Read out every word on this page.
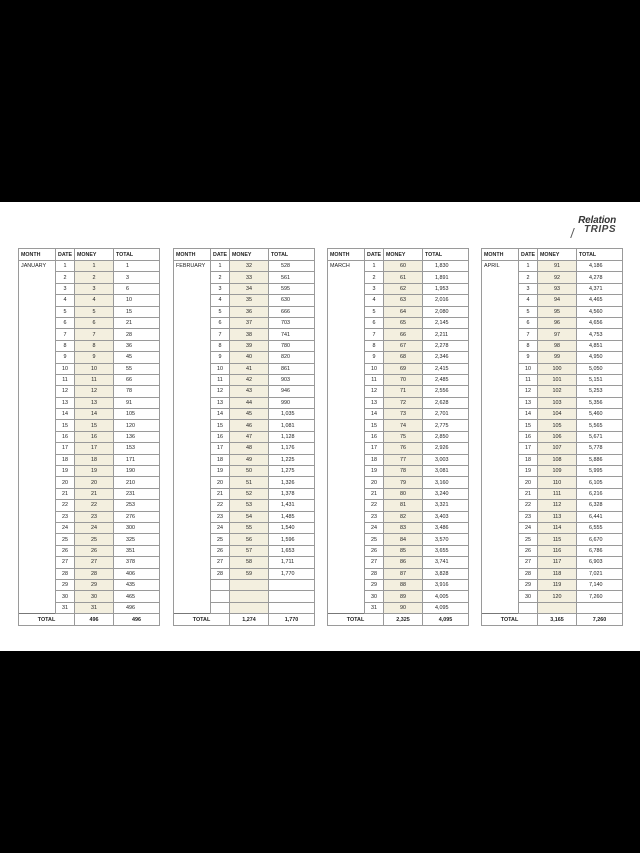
Relation
TRIPS
MONTH	DATE	MONEY	TOTAL
JANUARY	1	1	1
	2	2	3
	3	3	6
	4	4	10
	5	5	15
	6	6	21
	7	7	28
	8	8	36
	9	9	45
	10	10	55
	11	11	66
	12	12	78
	13	13	91
	14	14	105
	15	15	120
	16	16	136
	17	17	153
	18	18	171
	19	19	190
	20	20	210
	21	21	231
	22	22	253
	23	23	276
	24	24	300
	25	25	325
	26	26	351
	27	27	378
	28	28	406
	29	29	435
	30	30	465
	31	31	496
TOTAL		496	496
MONTH	DATE	MONEY	TOTAL
FEBRUARY	1	32	528
	2	33	561
	3	34	595
	4	35	630
	5	36	666
	6	37	703
	7	38	741
	8	39	780
	9	40	820
	10	41	861
	11	42	903
	12	43	946
	13	44	990
	14	45	1,035
	15	46	1,081
	16	47	1,128
	17	48	1,176
	18	49	1,225
	19	50	1,275
	20	51	1,326
	21	52	1,378
	22	53	1,431
	23	54	1,485
	24	55	1,540
	25	56	1,596
	26	57	1,653
	27	58	1,711
	28	59	1,770

TOTAL		1,274	1,770
MONTH	DATE	MONEY	TOTAL
MARCH	1	60	1,830
	2	61	1,891
	3	62	1,953
	4	63	2,016
	5	64	2,080
	6	65	2,145
	7	66	2,211
	8	67	2,278
	9	68	2,346
	10	69	2,415
	11	70	2,485
	12	71	2,556
	13	72	2,628
	14	73	2,701
	15	74	2,775
	16	75	2,850
	17	76	2,926
	18	77	3,003
	19	78	3,081
	20	79	3,160
	21	80	3,240
	22	81	3,321
	23	82	3,403
	24	83	3,486
	25	84	3,570
	26	85	3,655
	27	86	3,741
	28	87	3,828
	29	88	3,916
	30	89	4,005
	31	90	4,095
TOTAL		2,325	4,095
MONTH	DATE	MONEY	TOTAL
APRIL	1	91	4,186
	2	92	4,278
	3	93	4,371
	4	94	4,465
	5	95	4,560
	6	96	4,656
	7	97	4,753
	8	98	4,851
	9	99	4,950
	10	100	5,050
	11	101	5,151
	12	102	5,253
	13	103	5,356
	14	104	5,460
	15	105	5,565
	16	106	5,671
	17	107	5,778
	18	108	5,886
	19	109	5,995
	20	110	6,105
	21	111	6,216
	22	112	6,328
	23	113	6,441
	24	114	6,555
	25	115	6,670
	26	116	6,786
	27	117	6,903
	28	118	7,021
	29	119	7,140
	30	120	7,260

TOTAL		3,165	7,260
